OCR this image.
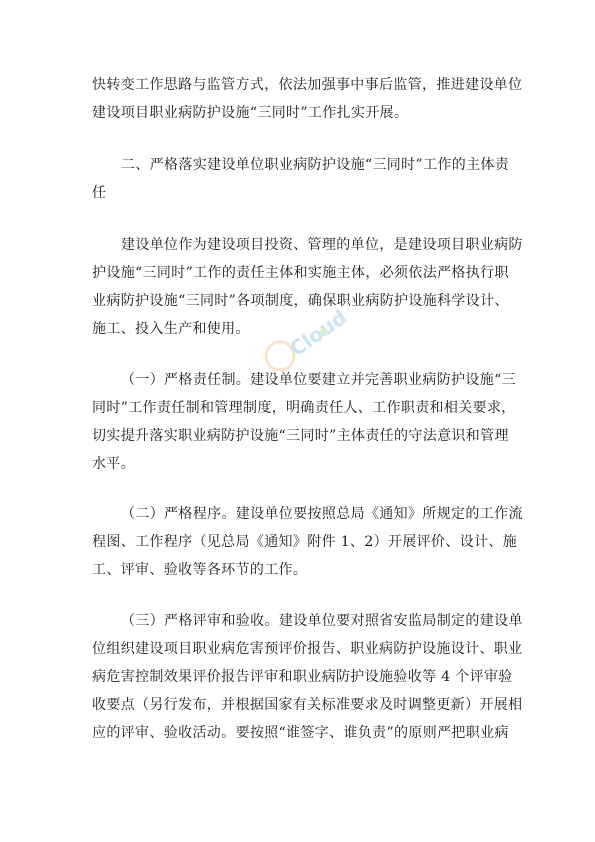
快转变工作思路与监管方式，依法加强事中事后监管，推进建设单位
建设项目职业病防护设施“三同时”工作扎实开展。
二、严格落实建设单位职业病防护设施“三同时”工作的主体责
任
建设单位作为建设项目投资、管理的单位，是建设项目职业病防
护设施“三同时”工作的责任主体和实施主体，必须依法严格执行职
业病防护设施“三同时”各项制度，确保职业病防护设施科学设计、
施工、投入生产和使用。
（一）严格责任制。建设单位要建立并完善职业病防护设施“三
同时”工作责任制和管理制度，明确责任人、工作职责和相关要求，
切实提升落实职业病防护设施“三同时”主体责任的守法意识和管理
水平。
（二）严格程序。建设单位要按照总局《通知》所规定的工作流
程图、工作程序（见总局《通知》附件 1、2）开展评价、设计、施
工、评审、验收等各环节的工作。
（三）严格评审和验收。建设单位要对照省安监局制定的建设单
位组织建设项目职业病危害预评价报告、职业病防护设施设计、职业
病危害控制效果评价报告评审和职业病防护设施验收等 4 个评审验
收要点（另行发布，并根据国家有关标准要求及时调整更新）开展相
应的评审、验收活动。要按照“谁签字、谁负责”的原则严把职业病
Cloud
